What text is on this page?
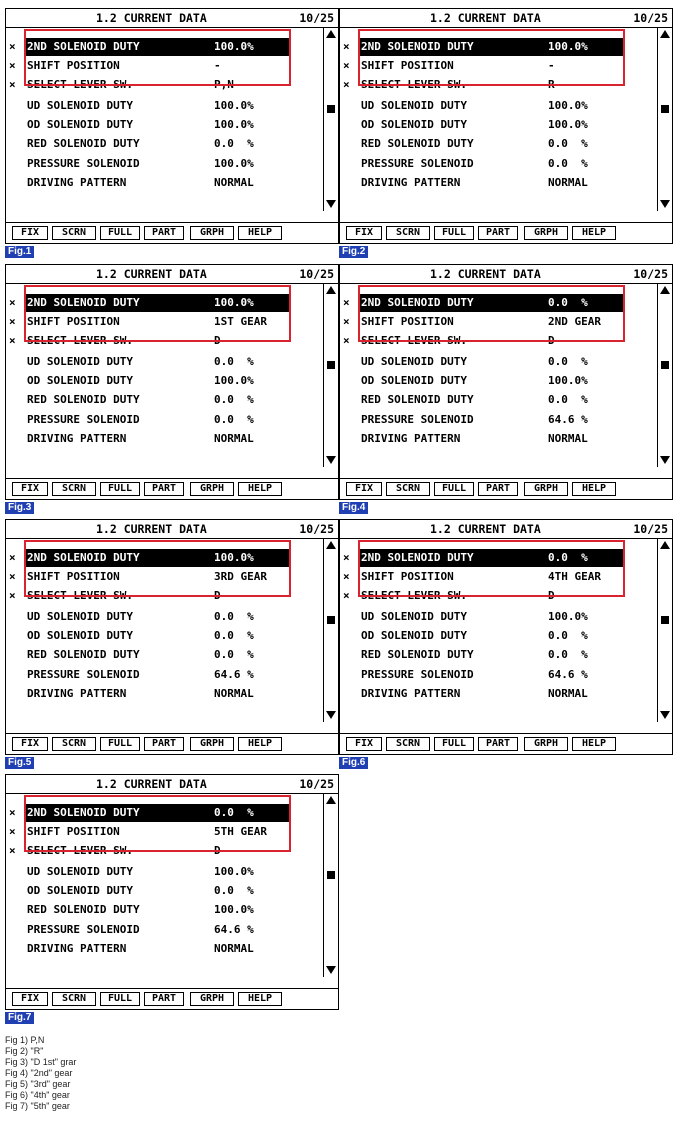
1.2 CURRENT DATA	10/25
× 2ND SOLENOID DUTY	100.0%
× SHIFT POSITION	-
× SELECT LEVER SW.	P,N
UD SOLENOID DUTY	100.0%
OD SOLENOID DUTY	100.0%
RED SOLENOID DUTY	0.0  %
PRESSURE SOLENOID	100.0%
DRIVING PATTERN	NORMAL
FIX	SCRN	FULL	PART	GRPH	HELP
Fig.1
1.2 CURRENT DATA	10/25
× 2ND SOLENOID DUTY	100.0%
× SHIFT POSITION	-
× SELECT LEVER SW.	R
UD SOLENOID DUTY	100.0%
OD SOLENOID DUTY	100.0%
RED SOLENOID DUTY	0.0  %
PRESSURE SOLENOID	0.0  %
DRIVING PATTERN	NORMAL
FIX	SCRN	FULL	PART	GRPH	HELP
Fig.2
1.2 CURRENT DATA	10/25
× 2ND SOLENOID DUTY	100.0%
× SHIFT POSITION	1ST GEAR
× SELECT LEVER SW.	D
UD SOLENOID DUTY	0.0  %
OD SOLENOID DUTY	100.0%
RED SOLENOID DUTY	0.0  %
PRESSURE SOLENOID	0.0  %
DRIVING PATTERN	NORMAL
FIX	SCRN	FULL	PART	GRPH	HELP
Fig.3
1.2 CURRENT DATA	10/25
× 2ND SOLENOID DUTY	0.0  %
× SHIFT POSITION	2ND GEAR
× SELECT LEVER SW.	D
UD SOLENOID DUTY	0.0  %
OD SOLENOID DUTY	100.0%
RED SOLENOID DUTY	0.0  %
PRESSURE SOLENOID	64.6 %
DRIVING PATTERN	NORMAL
FIX	SCRN	FULL	PART	GRPH	HELP
Fig.4
1.2 CURRENT DATA	10/25
× 2ND SOLENOID DUTY	100.0%
× SHIFT POSITION	3RD GEAR
× SELECT LEVER SW.	D
UD SOLENOID DUTY	0.0  %
OD SOLENOID DUTY	0.0  %
RED SOLENOID DUTY	0.0  %
PRESSURE SOLENOID	64.6 %
DRIVING PATTERN	NORMAL
FIX	SCRN	FULL	PART	GRPH	HELP
Fig.5
1.2 CURRENT DATA	10/25
× 2ND SOLENOID DUTY	0.0  %
× SHIFT POSITION	4TH GEAR
× SELECT LEVER SW.	D
UD SOLENOID DUTY	100.0%
OD SOLENOID DUTY	0.0  %
RED SOLENOID DUTY	0.0  %
PRESSURE SOLENOID	64.6 %
DRIVING PATTERN	NORMAL
FIX	SCRN	FULL	PART	GRPH	HELP
Fig.6
1.2 CURRENT DATA	10/25
× 2ND SOLENOID DUTY	0.0  %
× SHIFT POSITION	5TH GEAR
× SELECT LEVER SW.	D
UD SOLENOID DUTY	100.0%
OD SOLENOID DUTY	0.0  %
RED SOLENOID DUTY	100.0%
PRESSURE SOLENOID	64.6 %
DRIVING PATTERN	NORMAL
FIX	SCRN	FULL	PART	GRPH	HELP
Fig.7
Fig 1) P,N
Fig 2) "R"
Fig 3) "D 1st" grar
Fig 4) "2nd" gear
Fig 5) "3rd" gear
Fig 6) "4th" gear
Fig 7) "5th" gear
